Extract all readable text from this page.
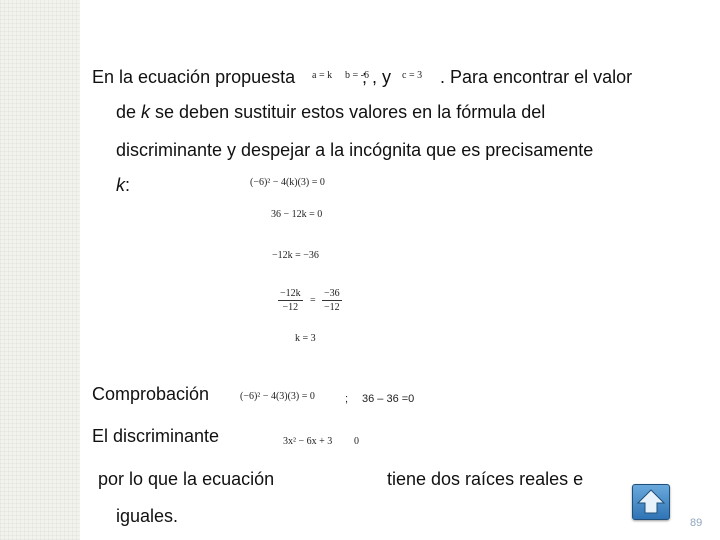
En la ecuación propuesta a = k b = -6
; , y c = 3 . Para encontrar el valor
de k se deben sustituir estos valores en la fórmula del
discriminante y despejar a la incógnita que es precisamente
k:	(−6)² − 4(k)(3) = 0
36 − 12k = 0
−12k = −36
$\frac{-12k}{-12} = \frac{-36}{-12}$
k = 3
Comprobación	(−6)² − 4(3)(3) = 0	; 36 – 36 =0
El discriminante	3x² − 6x + 3 0
por lo que la ecuación	tiene dos raíces reales e
iguales.	89
